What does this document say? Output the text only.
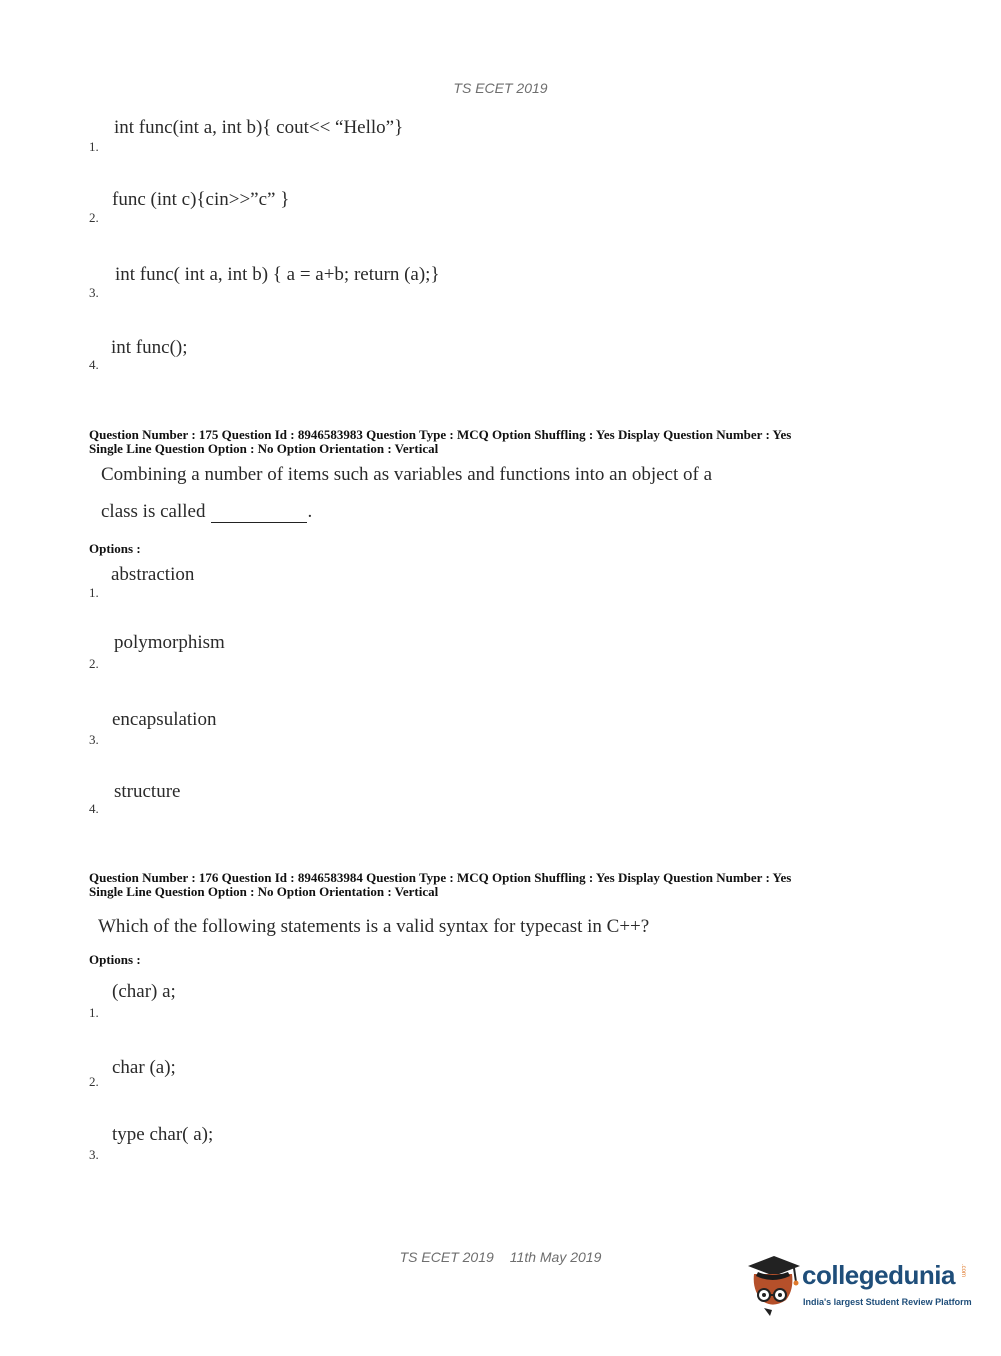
TS ECET 2019
int func(int a, int b){ cout<< “Hello”}
1.
func (int c){cin>>”c” }
2.
int func( int a, int b) { a = a+b; return (a);}
3.
int func();
4.
Question Number : 175 Question Id : 8946583983 Question Type : MCQ Option Shuffling : Yes Display Question Number : Yes
Single Line Question Option : No Option Orientation : Vertical
Combining a number of items such as variables and functions into an object of a
class is called	.
Options :
abstraction
1.
polymorphism
2.
encapsulation
3.
structure
4.
Question Number : 176 Question Id : 8946583984 Question Type : MCQ Option Shuffling : Yes Display Question Number : Yes
Single Line Question Option : No Option Orientation : Vertical
Which of the following statements is a valid syntax for typecast in C++?
Options :
(char) a;
1.
char (a);
2.
type char( a);
3.
TS ECET 2019 11th May 2019
collegedunia .com
India's largest Student Review Platform
